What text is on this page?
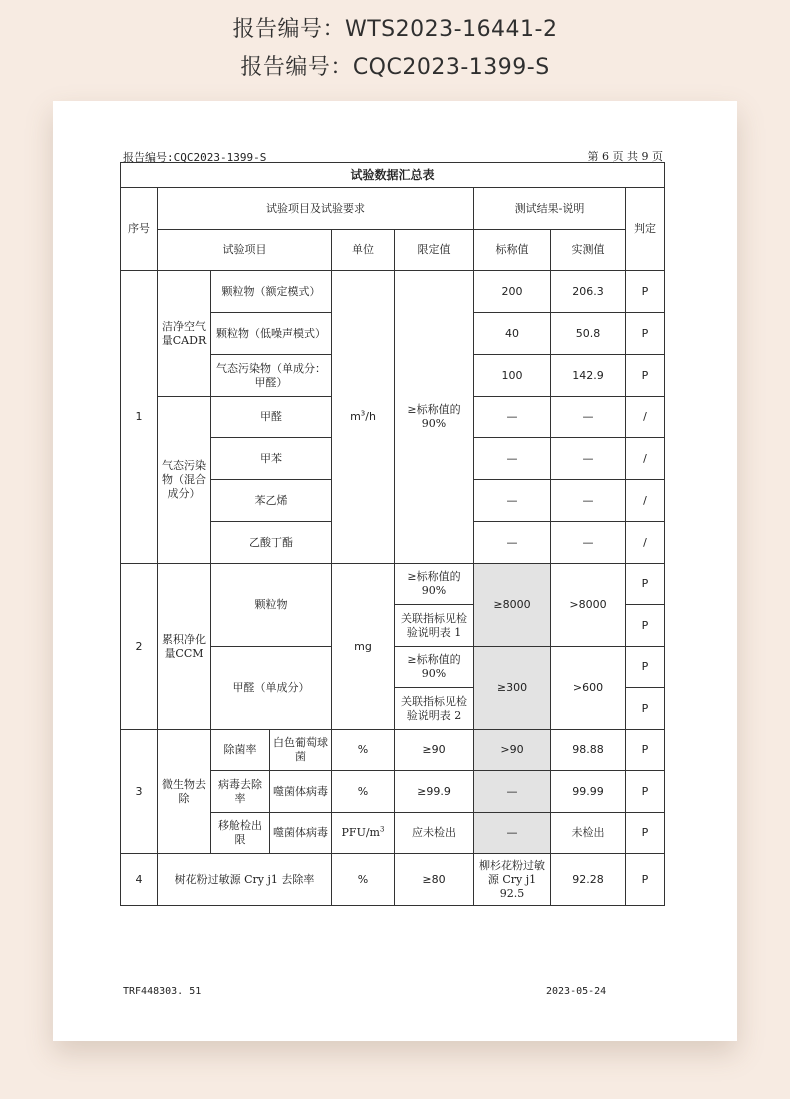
报告编号：WTS2023-16441-2
报告编号：CQC2023-1399-S
报告编号:CQC2023-1399-S	第 6 页 共 9 页
试验数据汇总表								
序号	试验项目及试验要求					测试结果-说明		判定
	试验项目			单位	限定值	标称值	实测值	
1	洁净空气量CADR	颗粒物（额定模式）		$m^3/h$	≥标称值的90%	200	206.3	P
		颗粒物（低噪声模式）				40	50.8	P
		气态污染物（单成分：甲醛）				100	142.9	P
	气态污染物（混合成分）	甲醛				—	—	/
		甲苯				—	—	/
		苯乙烯				—	—	/
		乙酸丁酯				—	—	/
2	累积净化量CCM	颗粒物		mg	≥标称值的90%	≥8000	>8000	P
					关联指标见检验说明表 1			P
		甲醛（单成分）			≥标称值的90%	≥300	>600	P
					关联指标见检验说明表 2			P
3	微生物去除	除菌率	白色葡萄球菌	%	≥90	>90	98.88	P
		病毒去除率	噬菌体病毒	%	≥99.9	—	99.99	P
		移舱检出限	噬菌体病毒	PFU/$m^3$	应未检出	—	未检出	P
4	树花粉过敏源 Cry j1 去除率			%	≥80	柳杉花粉过敏源 Cry j1 92.5	92.28	P
TRF448303. 51	2023-05-24
